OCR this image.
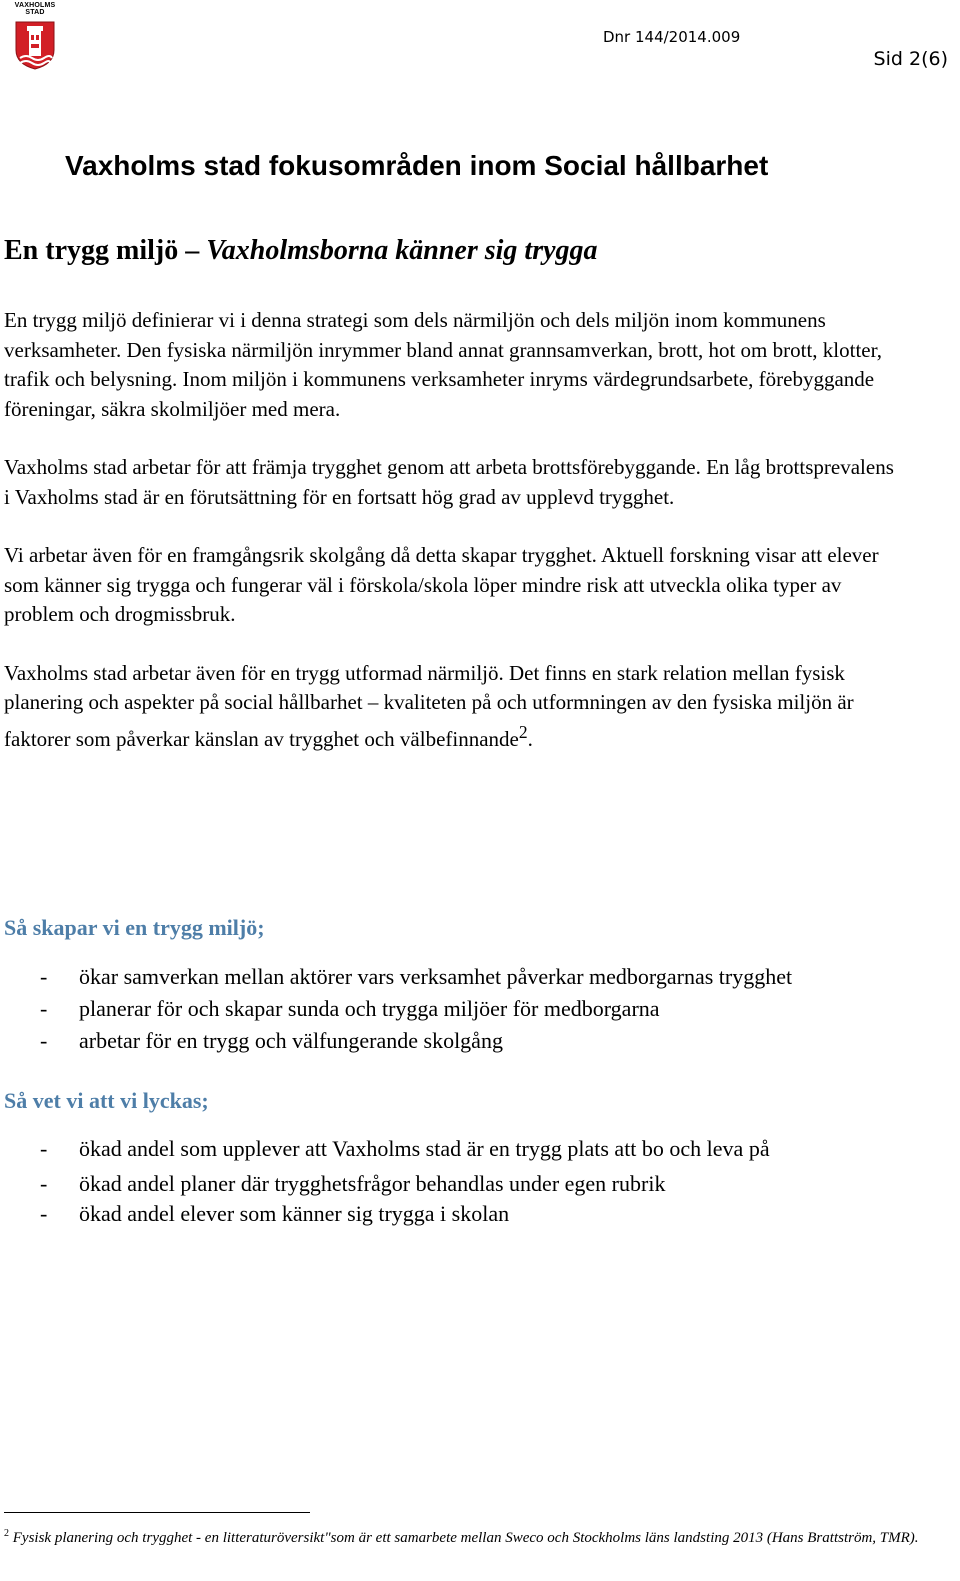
VAXHOLMS STAD
Dnr 144/2014.009
Sid 2(6)
Vaxholms stad fokusområden inom Social hållbarhet
En trygg miljö – Vaxholmsborna känner sig trygga

En trygg miljö definierar vi i denna strategi som dels närmiljön och dels miljön inom kommunens verksamheter. Den fysiska närmiljön inrymmer bland annat grannsamverkan, brott, hot om brott, klotter, trafik och belysning. Inom miljön i kommunens verksamheter inryms värdegrundsarbete, förebyggande föreningar, säkra skolmiljöer med mera.

Vaxholms stad arbetar för att främja trygghet genom att arbeta brottsförebyggande. En låg brottsprevalens i Vaxholms stad är en förutsättning för en fortsatt hög grad av upplevd trygghet.

Vi arbetar även för en framgångsrik skolgång då detta skapar trygghet. Aktuell forskning visar att elever som känner sig trygga och fungerar väl i förskola/skola löper mindre risk att utveckla olika typer av problem och drogmissbruk.

Vaxholms stad arbetar även för en trygg utformad närmiljö. Det finns en stark relation mellan fysisk planering och aspekter på social hållbarhet – kvaliteten på och utformningen av den fysiska miljön är faktorer som påverkar känslan av trygghet och välbefinnande$^2$.

Så skapar vi en trygg miljö;
- ökar samverkan mellan aktörer vars verksamhet påverkar medborgarnas trygghet
- planerar för och skapar sunda och trygga miljöer för medborgarna
- arbetar för en trygg och välfungerande skolgång
Så vet vi att vi lyckas;
- ökad andel som upplever att Vaxholms stad är en trygg plats att bo och leva på
- ökad andel planer där trygghetsfrågor behandlas under egen rubrik
- ökad andel elever som känner sig trygga i skolan
$^2$ Fysisk planering och trygghet - en litteraturöversikt"som är ett samarbete mellan Sweco och Stockholms läns landsting 2013 (Hans Brattström, TMR).
